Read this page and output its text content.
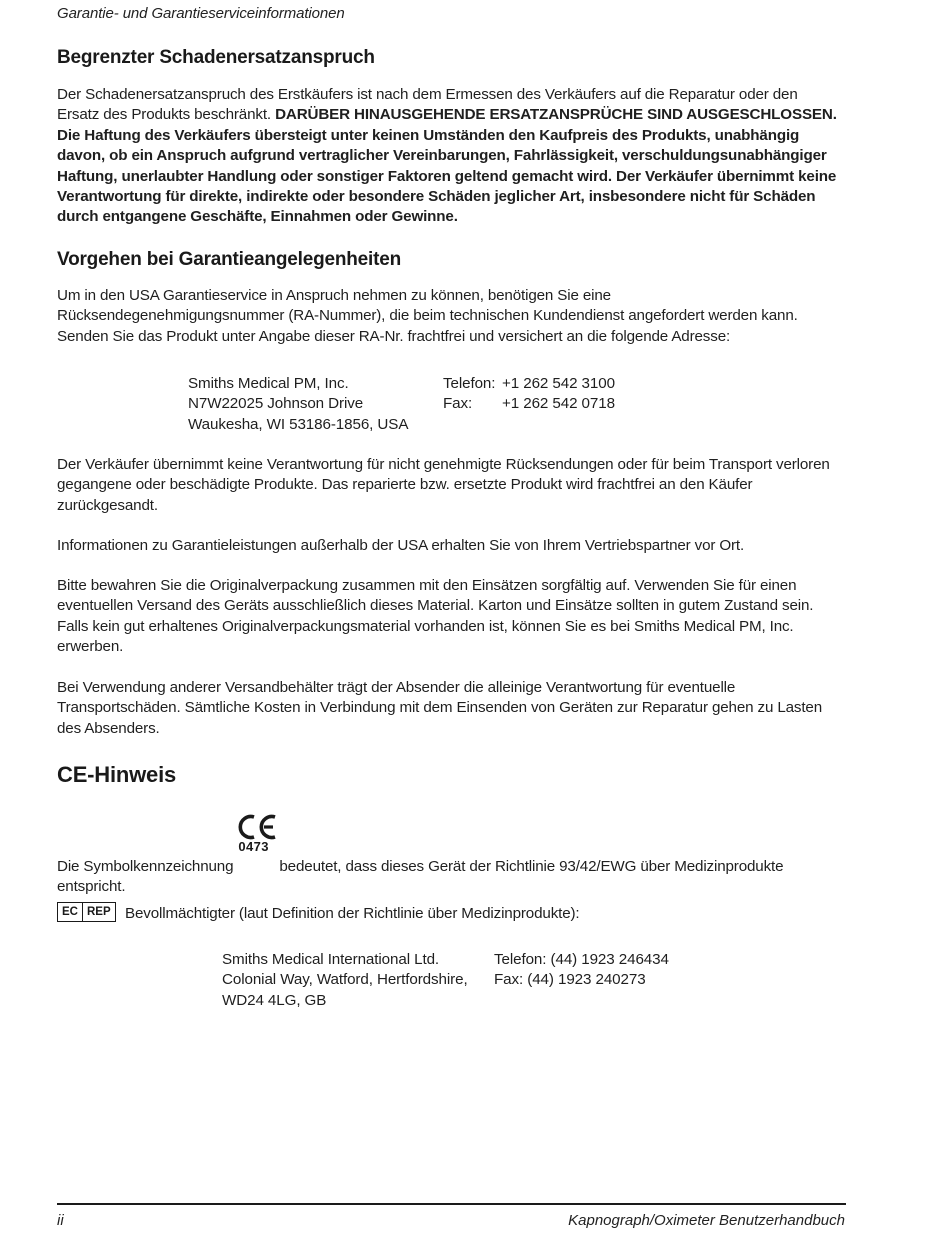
Garantie- und Garantieserviceinformationen
Begrenzter Schadenersatzanspruch

Der Schadenersatzanspruch des Erstkäufers ist nach dem Ermessen des Verkäufers auf die Reparatur oder den Ersatz des Produkts beschränkt. DARÜBER HINAUSGEHENDE ERSATZANSPRÜCHE SIND AUSGESCHLOSSEN. Die Haftung des Verkäufers übersteigt unter keinen Umständen den Kaufpreis des Produkts, unabhängig davon, ob ein Anspruch aufgrund vertraglicher Vereinbarungen, Fahrlässigkeit, verschuldungsunabhängiger Haftung, unerlaubter Handlung oder sonstiger Faktoren geltend gemacht wird. Der Verkäufer übernimmt keine Verantwortung für direkte, indirekte oder besondere Schäden jeglicher Art, insbesondere nicht für Schäden durch entgangene Geschäfte, Einnahmen oder Gewinne.

Vorgehen bei Garantieangelegenheiten

Um in den USA Garantieservice in Anspruch nehmen zu können, benötigen Sie eine Rücksendegenehmigungsnummer (RA-Nummer), die beim technischen Kundendienst angefordert werden kann. Senden Sie das Produkt unter Angabe dieser RA-Nr. frachtfrei und versichert an die folgende Adresse:

Smiths Medical PM, Inc.
N7W22025 Johnson Drive
Waukesha, WI 53186-1856, USA
Telefon: +1 262 542 3100
Fax:	+1 262 542 0718

Der Verkäufer übernimmt keine Verantwortung für nicht genehmigte Rücksendungen oder für beim Transport verloren gegangene oder beschädigte Produkte. Das reparierte bzw. ersetzte Produkt wird frachtfrei an den Käufer zurückgesandt.

Informationen zu Garantieleistungen außerhalb der USA erhalten Sie von Ihrem Vertriebspartner vor Ort.

Bitte bewahren Sie die Originalverpackung zusammen mit den Einsätzen sorgfältig auf. Verwenden Sie für einen eventuellen Versand des Geräts ausschließlich dieses Material. Karton und Einsätze sollten in gutem Zustand sein. Falls kein gut erhaltenes Originalverpackungsmaterial vorhanden ist, können Sie es bei Smiths Medical PM, Inc. erwerben.

Bei Verwendung anderer Versandbehälter trägt der Absender die alleinige Verantwortung für eventuelle Transportschäden. Sämtliche Kosten in Verbindung mit dem Einsenden von Geräten zur Reparatur gehen zu Lasten des Absenders.

CE-Hinweis

Die Symbolkennzeichnung
0473
bedeutet, dass dieses Gerät der Richtlinie 93/42/EWG über Medizinprodukte entspricht.

EC REP Bevollmächtigter (laut Definition der Richtlinie über Medizinprodukte):

Smiths Medical International Ltd.
Colonial Way, Watford, Hertfordshire,
WD24 4LG, GB
Telefon: (44) 1923 246434
Fax: (44) 1923 240273
ii	Kapnograph/Oximeter Benutzerhandbuch
